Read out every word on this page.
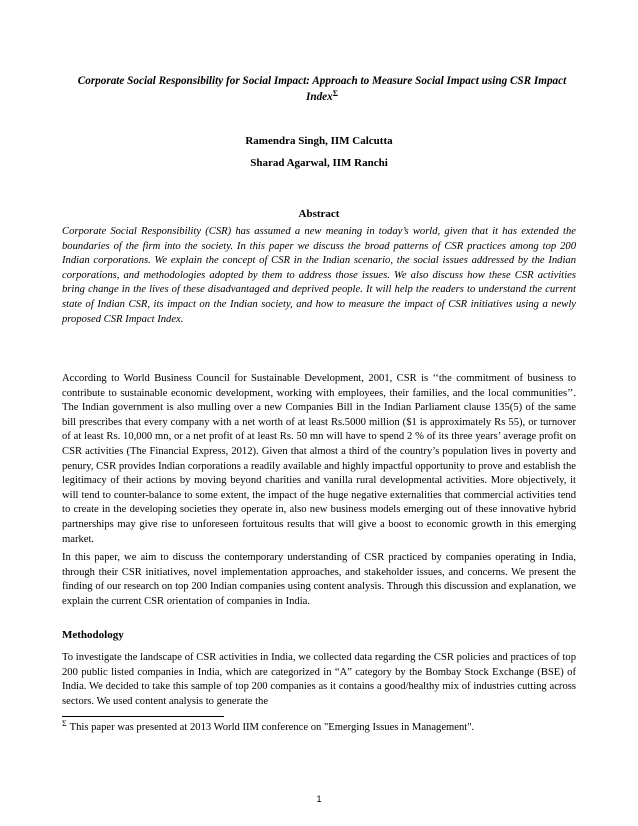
Corporate Social Responsibility for Social Impact: Approach to Measure Social Impact using CSR Impact Index$^\Sigma$
Ramendra Singh, IIM Calcutta
Sharad Agarwal, IIM Ranchi
Abstract
Corporate Social Responsibility (CSR) has assumed a new meaning in today’s world, given that it has extended the boundaries of the firm into the society. In this paper we discuss the broad patterns of CSR practices among top 200 Indian corporations. We explain the concept of CSR in the Indian scenario, the social issues addressed by the Indian corporations, and methodologies adopted by them to address those issues. We also discuss how these CSR activities bring change in the lives of these disadvantaged and deprived people. It will help the readers to understand the current state of Indian CSR, its impact on the Indian society, and how to measure the impact of CSR initiatives using a newly proposed CSR Impact Index.
According to World Business Council for Sustainable Development, 2001, CSR is ‘‘the commitment of business to contribute to sustainable economic development, working with employees, their families, and the local communities’’. The Indian government is also mulling over a new Companies Bill in the Indian Parliament clause 135(5) of the same bill prescribes that every company with a net worth of at least Rs.5000 million ($1 is approximately Rs 55), or turnover of at least Rs. 10,000 mn, or a net profit of at least Rs. 50 mn will have to spend 2 % of its three years’ average profit on CSR activities (The Financial Express, 2012). Given that almost a third of the country’s population lives in poverty and penury, CSR provides Indian corporations a readily available and highly impactful opportunity to prove and establish the legitimacy of their actions by moving beyond charities and vanilla rural developmental activities. More objectively, it will tend to counter-balance to some extent, the impact of the huge negative externalities that commercial activities tend to create in the developing societies they operate in, also new business models emerging out of these innovative hybrid partnerships may give rise to unforeseen fortuitous results that will give a boost to economic growth in this emerging market.
In this paper, we aim to discuss the contemporary understanding of CSR practiced by companies operating in India, through their CSR initiatives, novel implementation approaches, and stakeholder issues, and concerns. We present the finding of our research on top 200 Indian companies using content analysis. Through this discussion and explanation, we explain the current CSR orientation of companies in India.
Methodology
To investigate the landscape of CSR activities in India, we collected data regarding the CSR policies and practices of top 200 public listed companies in India, which are categorized in “A” category by the Bombay Stock Exchange (BSE) of India. We decided to take this sample of top 200 companies as it contains a good/healthy mix of industries cutting across sectors. We used content analysis to generate the
$^\Sigma$ This paper was presented at 2013 World IIM conference on "Emerging Issues in Management".
1
